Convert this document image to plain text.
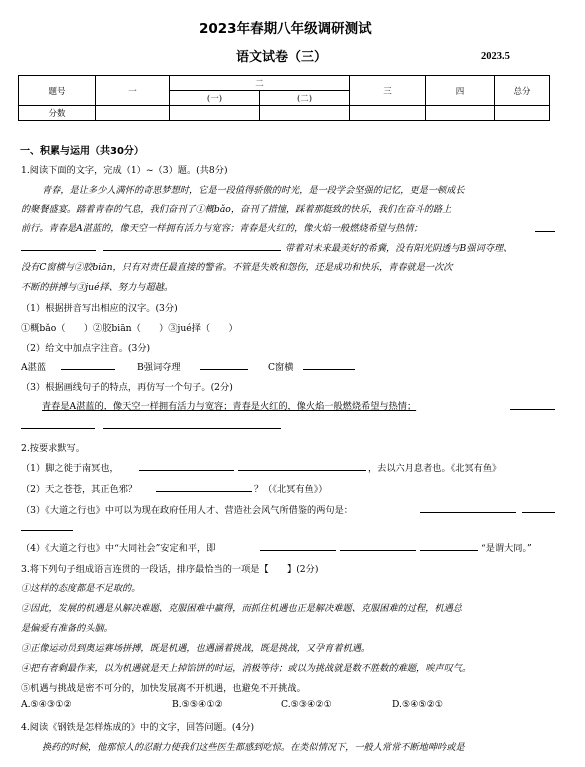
2023年春期八年级调研测试
语文试卷（三）	2023.5
题号	一	二		三	四	总分
		(一)	(二)			
分数						
一、积累与运用（共30分）
1.阅读下面的文字，完成（1）~（3）题。(共8分)
青春，是让多少人满怀的奇思梦想时，它是一段值得骄傲的时光，是一段学会坚强的记忆，更是一顿成长
的聚餐盛宴。踏着青春的气息，我们奋刊了①概bǎo，奋刊了措憧，踩着那挺致的快乐，我们在奋斗的路上
前行。青春是A湛蓝的，像天空一样拥有活力与宽容；青春是火红的，像火焰一般燃烧希望与热情；
带着对未来最美好的希冀，没有阳光阴透与B强词夺理、
没有C窗横与②胶biān，只有对责任最直接的警省。不管是失败和怨伤，还是成功和快乐，青春就是一次次
不断的拼搏与③jué择、努力与超越。
（1）根据拼音写出相应的汉字。(3分)
①概bǎo（　　）②胶biān（　　）③jué择（　　）
（2）给文中加点字注音。(3分)
A湛蓝	B强词夺理	C窗横
（3）根据画线句子的特点，再仿写一个句子。(2分)
青春是A湛蓝的，像天空一样拥有活力与宽容；青春是火红的，像火焰一般燃烧希望与热情；
2.按要求默写。
（1）脚之徙于南冥也，	，去以六月息者也。《北冥有鱼》
（2）天之苍苍，其正色邪？	？（《北冥有鱼》）
（3）《大道之行也》中可以为现在政府任用人才、营造社会风气所借鉴的两句是：
（4）《大道之行也》中“大同社会”安定和平，即	“是谓大同。”
3.将下列句子组成语言连贯的一段话，排序最恰当的一项是【　　】(2分)
①这样的态度都是不足取的。
②因此，发展的机遇是从解决难题、克服困难中赢得，而抓住机遇也正是解决难题、克服困难的过程，机遇总
是偏爱有准备的头脑。
③正像运动员到奥运赛场拼搏，既是机遇，也遇涵着挑战，既是挑战，又孕育着机遇。
④把有者剩最作来，以为机遇就是天上掉馅饼的时运，消极等待；或以为挑战就是数不胜数的难题，唉声叹气。
⑤机遇与挑战是密不可分的，加快发展离不开机遇，也避免不开挑战。
A.⑤④③①②	B.⑤⑤④①②	C.⑤③④②①	D.⑤④⑤②①
4.阅读《钢铁是怎样炼成的》中的文字，回答问题。(4分)
换药的时候，他那惊人的忍耐力使我们这些医生都感到吃惊。在类似情况下，一般人常常不断地呻吟或是
